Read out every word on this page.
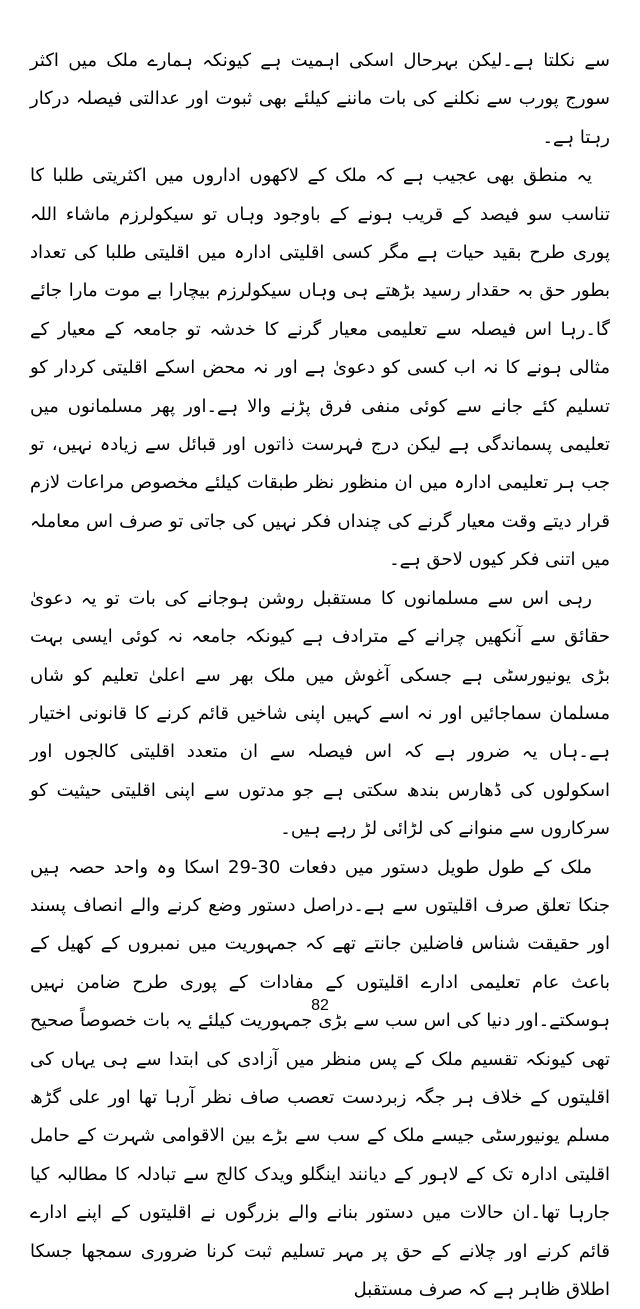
سے نکلتا ہے۔لیکن بہرحال اسکی اہمیت ہے کیونکہ ہمارے ملک میں اکثر سورج پورب سے نکلنے کی بات ماننے کیلئے بھی ثبوت اور عدالتی فیصلہ درکار رہتا ہے۔

یہ منطق بھی عجیب ہے کہ ملک کے لاکھوں اداروں میں اکثریتی طلبا کا تناسب سو فیصد کے قریب ہونے کے باوجود وہاں تو سیکولرزم ماشاء اللہ پوری طرح بقید حیات ہے مگر کسی اقلیتی ادارہ میں اقلیتی طلبا کی تعداد بطور حق بہ حقدار رسید بڑھتے ہی وہاں سیکولرزم بیچارا بے موت مارا جائے گا۔رہا اس فیصلہ سے تعلیمی معیار گرنے کا خدشہ تو جامعہ کے معیار کے مثالی ہونے کا نہ اب کسی کو دعویٰ ہے اور نہ محض اسکے اقلیتی کردار کو تسلیم کئے جانے سے کوئی منفی فرق پڑنے والا ہے۔اور پھر مسلمانوں میں تعلیمی پسماندگی ہے لیکن درج فہرست ذاتوں اور قبائل سے زیادہ نہیں، تو جب ہر تعلیمی ادارہ میں ان منظور نظر طبقات کیلئے مخصوص مراعات لازم قرار دیتے وقت معیار گرنے کی چنداں فکر نہیں کی جاتی تو صرف اس معاملہ میں اتنی فکر کیوں لاحق ہے۔

رہی اس سے مسلمانوں کا مستقبل روشن ہوجانے کی بات تو یہ دعویٰ حقائق سے آنکھیں چرانے کے مترادف ہے کیونکہ جامعہ نہ کوئی ایسی بہت بڑی یونیورسٹی ہے جسکی آغوش میں ملک بھر سے اعلیٰ تعلیم کو شاں مسلمان سماجائیں اور نہ اسے کہیں اپنی شاخیں قائم کرنے کا قانونی اختیار ہے۔ہاں یہ ضرور ہے کہ اس فیصلہ سے ان متعدد اقلیتی کالجوں اور اسکولوں کی ڈھارس بندھ سکتی ہے جو مدتوں سے اپنی اقلیتی حیثیت کو سرکاروں سے منوانے کی لڑائی لڑ رہے ہیں۔

ملک کے طول طویل دستور میں دفعات 30-29 اسکا وہ واحد حصہ ہیں جنکا تعلق صرف اقلیتوں سے ہے۔دراصل دستور وضع کرنے والے انصاف پسند اور حقیقت شناس فاضلین جانتے تھے کہ جمہوریت میں نمبروں کے کھیل کے باعث عام تعلیمی ادارے اقلیتوں کے مفادات کے پوری طرح ضامن نہیں ہوسکتے۔اور دنیا کی اس سب سے بڑی جمہوریت کیلئے یہ بات خصوصاً صحیح تھی کیونکہ تقسیم ملک کے پس منظر میں آزادی کی ابتدا سے ہی یہاں کی اقلیتوں کے خلاف ہر جگہ زبردست تعصب صاف نظر آرہا تھا اور علی گڑھ مسلم یونیورسٹی جیسے ملک کے سب سے بڑے بین الاقوامی شہرت کے حامل اقلیتی ادارہ تک کے لاہور کے دیانند اینگلو ویدک کالج سے تبادلہ کا مطالبہ کیا جارہا تھا۔ان حالات میں دستور بنانے والے بزرگوں نے اقلیتوں کے اپنے ادارے قائم کرنے اور چلانے کے حق پر مہر تسلیم ثبت کرنا ضروری سمجھا جسکا اطلاق ظاہر ہے کہ صرف مستقبل

82
